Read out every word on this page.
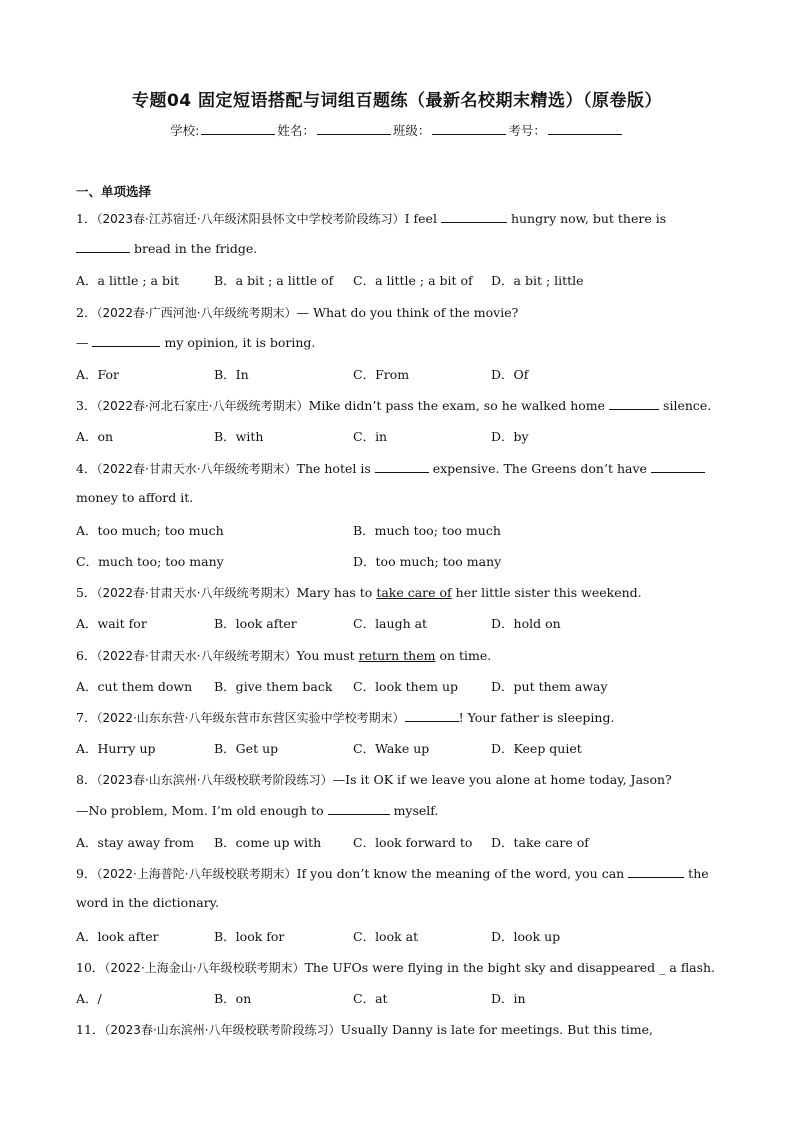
专题04 固定短语搭配与词组百题练（最新名校期末精选）（原卷版）
学校:	姓名：	班级：	考号：
一、单项选择
1．（2023春·江苏宿迁·八年级沭阳县怀文中学校考阶段练习）I feel	hungry now, but there is
bread in the fridge.
A．a little ; a bit	B．a bit ; a little of C．a little ; a bit of D．a bit ; little
2．（2022春·广西河池·八年级统考期末）— What do you think of the movie?
—	my opinion, it is boring.
A．For	B．In	C．From	D．Of
3．（2022春·河北石家庄·八年级统考期末）Mike didn’t pass the exam, so he walked home	silence.
A．on	B．with	C．in	D．by
4．（2022春·甘肃天水·八年级统考期末）The hotel is	expensive. The Greens don’t have
money to afford it.
A．too much; too much	B．much too; too much
C．much too; too many	D．too much; too many
5．（2022春·甘肃天水·八年级统考期末）Mary has to take care of her little sister this weekend.
A．wait for	B．look after	C．laugh at	D．hold on
6．（2022春·甘肃天水·八年级统考期末）You must return them on time.
A．cut them down B．give them back C．look them up	D．put them away
7．（2022·山东东营·八年级东营市东营区实验中学校考期末）	! Your father is sleeping.
A．Hurry up	B．Get up	C．Wake up	D．Keep quiet
8．（2023春·山东滨州·八年级校联考阶段练习）—Is it OK if we leave you alone at home today, Jason?
—No problem, Mom. I’m old enough to	myself.
A．stay away from B．come up with	C．look forward to D．take care of
9．（2022·上海普陀·八年级校联考期末）If you don’t know the meaning of the word, you can	the
word in the dictionary.
A．look after	B．look for	C．look at	D．look up
10．（2022·上海金山·八年级校联考期末）The UFOs were flying in the bight sky and disappeared _ a flash.
A．/	B．on	C．at	D．in
11．（2023春·山东滨州·八年级校联考阶段练习）Usually Danny is late for meetings. But this time,
